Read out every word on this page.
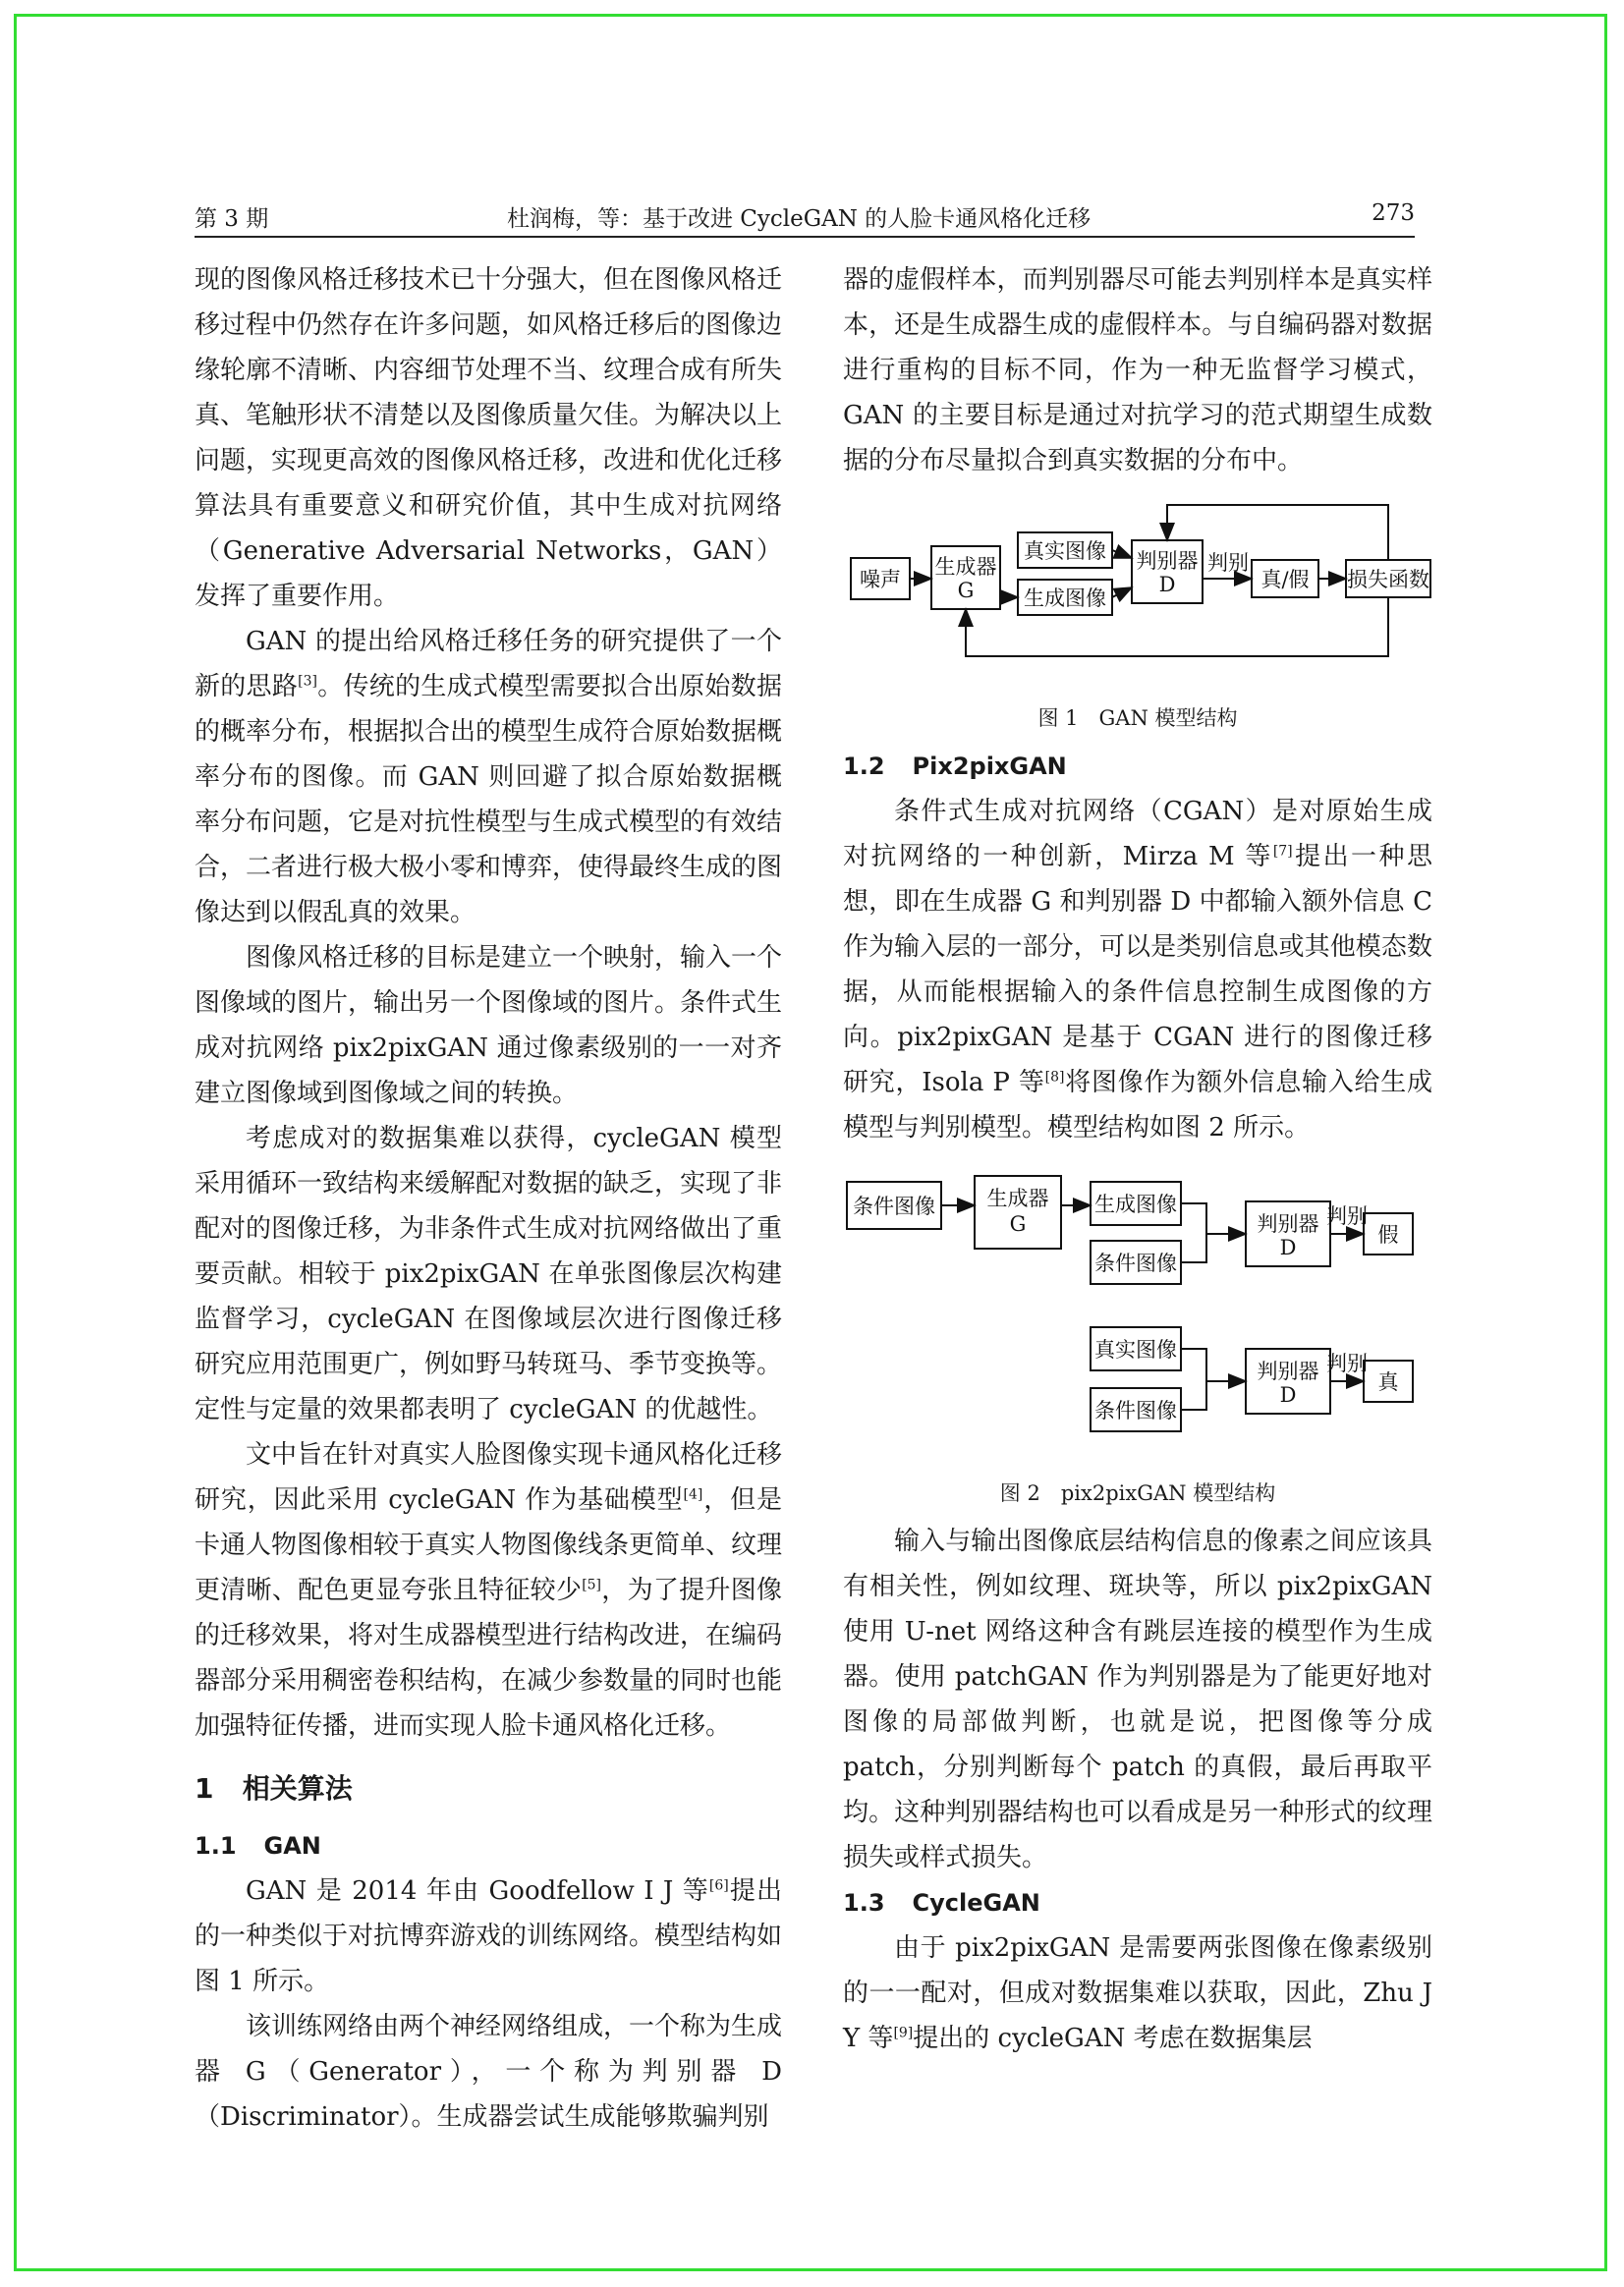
第 3 期	杜润梅，等：基于改进 CycleGAN 的人脸卡通风格化迁移	273

现的图像风格迁移技术已十分强大，但在图像风格迁移过程中仍然存在许多问题，如风格迁移后的图像边缘轮廓不清晰、内容细节处理不当、纹理合成有所失真、笔触形状不清楚以及图像质量欠佳。为解决以上问题，实现更高效的图像风格迁移，改进和优化迁移算法具有重要意义和研究价值，其中生成对抗网络（Generative Adversarial Networks，GAN）发挥了重要作用。

GAN 的提出给风格迁移任务的研究提供了一个新的思路[3]。传统的生成式模型需要拟合出原始数据的概率分布，根据拟合出的模型生成符合原始数据概率分布的图像。而 GAN 则回避了拟合原始数据概率分布问题，它是对抗性模型与生成式模型的有效结合，二者进行极大极小零和博弈，使得最终生成的图像达到以假乱真的效果。

图像风格迁移的目标是建立一个映射，输入一个图像域的图片，输出另一个图像域的图片。条件式生成对抗网络 pix2pixGAN 通过像素级别的一一对齐建立图像域到图像域之间的转换。

考虑成对的数据集难以获得，cycleGAN 模型采用循环一致结构来缓解配对数据的缺乏，实现了非配对的图像迁移，为非条件式生成对抗网络做出了重要贡献。相较于 pix2pixGAN 在单张图像层次构建监督学习，cycleGAN 在图像域层次进行图像迁移研究应用范围更广，例如野马转斑马、季节变换等。定性与定量的效果都表明了 cycleGAN 的优越性。

文中旨在针对真实人脸图像实现卡通风格化迁移研究，因此采用 cycleGAN 作为基础模型[4]，但是卡通人物图像相较于真实人物图像线条更简单、纹理更清晰、配色更显夸张且特征较少[5]，为了提升图像的迁移效果，将对生成器模型进行结构改进，在编码器部分采用稠密卷积结构，在减少参数量的同时也能加强特征传播，进而实现人脸卡通风格化迁移。

1 相关算法

1.1 GAN

GAN 是 2014 年由 Goodfellow I J 等[6]提出的一种类似于对抗博弈游戏的训练网络。模型结构如图 1 所示。

该训练网络由两个神经网络组成，一个称为生成器 G（Generator），一个称为判别器 D（Discriminator）。生成器尝试生成能够欺骗判别

器的虚假样本，而判别器尽可能去判别样本是真实样本，还是生成器生成的虚假样本。与自编码器对数据进行重构的目标不同，作为一种无监督学习模式，GAN 的主要目标是通过对抗学习的范式期望生成数据的分布尽量拟合到真实数据的分布中。

噪声
生成器
G
真实图像
生成图像
判别器
D
判别
真/假 损失函数
图 1　GAN 模型结构

1.2 Pix2pixGAN

条件式生成对抗网络（CGAN）是对原始生成对抗网络的一种创新，Mirza M 等[7]提出一种思想，即在生成器 G 和判别器 D 中都输入额外信息 C 作为输入层的一部分，可以是类别信息或其他模态数据，从而能根据输入的条件信息控制生成图像的方向。pix2pixGAN 是基于 CGAN 进行的图像迁移研究，Isola P 等[8]将图像作为额外信息输入给生成模型与判别模型。模型结构如图 2 所示。

条件图像	生成器
G
生成图像
条件图像
判别器
D
判别
假
真实图像
条件图像
判别器
D
判别
真
图 2　pix2pixGAN 模型结构

输入与输出图像底层结构信息的像素之间应该具有相关性，例如纹理、斑块等，所以 pix2pixGAN 使用 U-net 网络这种含有跳层连接的模型作为生成器。使用 patchGAN 作为判别器是为了能更好地对图像的局部做判断，也就是说，把图像等分成 patch，分别判断每个 patch 的真假，最后再取平均。这种判别器结构也可以看成是另一种形式的纹理损失或样式损失。

1.3 CycleGAN

由于 pix2pixGAN 是需要两张图像在像素级别的一一配对，但成对数据集难以获取，因此，Zhu J Y 等[9]提出的 cycleGAN 考虑在数据集层
